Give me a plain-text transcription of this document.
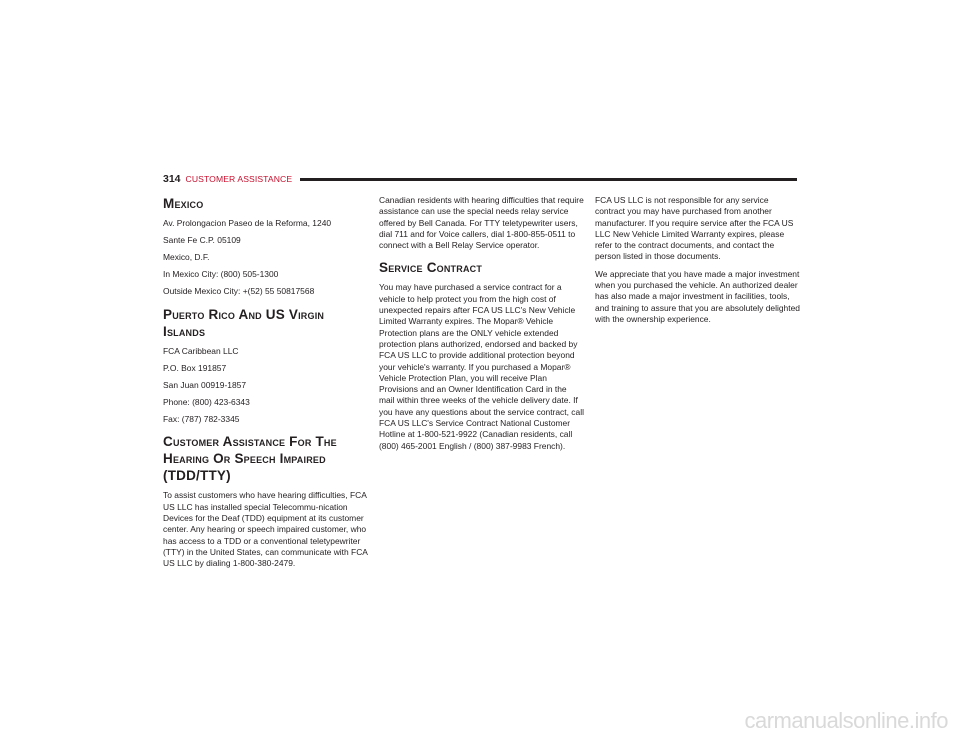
314 CUSTOMER ASSISTANCE
Mexico

Av. Prolongacion Paseo de la Reforma, 1240

Sante Fe C.P. 05109

Mexico, D.F.

In Mexico City: (800) 505-1300

Outside Mexico City: +(52) 55 50817568

Puerto Rico And US Virgin Islands

FCA Caribbean LLC

P.O. Box 191857

San Juan 00919-1857

Phone: (800) 423-6343

Fax: (787) 782-3345

Customer Assistance For The Hearing Or Speech Impaired (TDD/TTY)

To assist customers who have hearing difficulties, FCA US LLC has installed special Telecommu-nication Devices for the Deaf (TDD) equipment at its customer center. Any hearing or speech impaired customer, who has access to a TDD or a conventional teletypewriter (TTY) in the United States, can communicate with FCA US LLC by dialing 1-800-380-2479.

Canadian residents with hearing difficulties that require assistance can use the special needs relay service offered by Bell Canada. For TTY teletypewriter users, dial 711 and for Voice callers, dial 1-800-855-0511 to connect with a Bell Relay Service operator.

Service Contract

You may have purchased a service contract for a vehicle to help protect you from the high cost of unexpected repairs after FCA US LLC's New Vehicle Limited Warranty expires. The Mopar® Vehicle Protection plans are the ONLY vehicle extended protection plans authorized, endorsed and backed by FCA US LLC to provide additional protection beyond your vehicle's warranty. If you purchased a Mopar® Vehicle Protection Plan, you will receive Plan Provisions and an Owner Identification Card in the mail within three weeks of the vehicle delivery date. If you have any questions about the service contract, call FCA US LLC's Service Contract National Customer Hotline at 1-800-521-9922 (Canadian residents, call (800) 465-2001 English / (800) 387-9983 French).

FCA US LLC is not responsible for any service contract you may have purchased from another manufacturer. If you require service after the FCA US LLC New Vehicle Limited Warranty expires, please refer to the contract documents, and contact the person listed in those documents.

We appreciate that you have made a major investment when you purchased the vehicle. An authorized dealer has also made a major investment in facilities, tools, and training to assure that you are absolutely delighted with the ownership experience.

carmanualsonline.info
